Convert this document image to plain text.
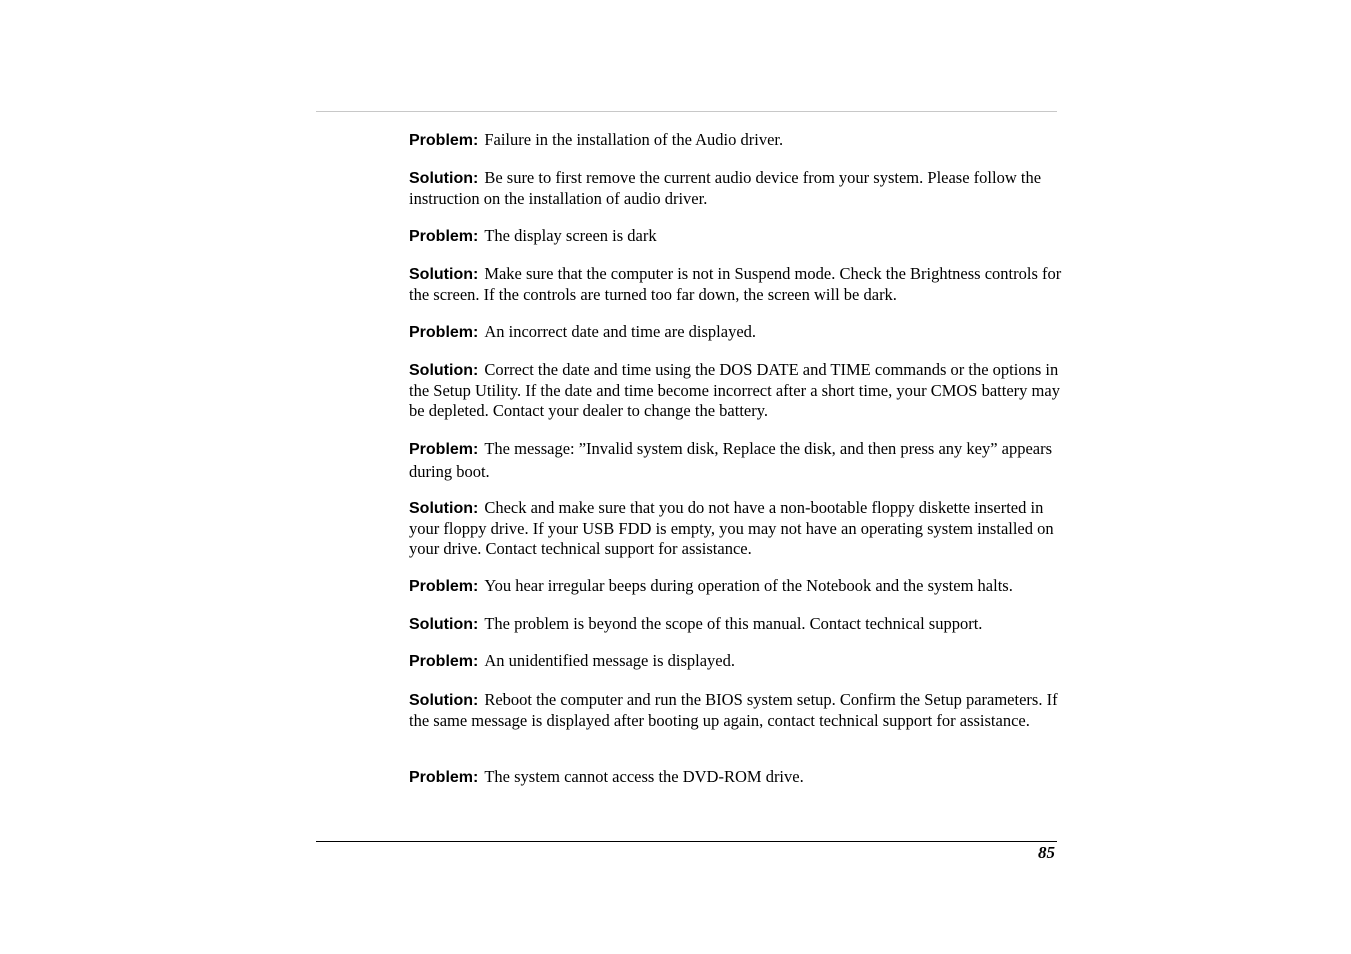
Problem: Failure in the installation of the Audio driver.

Solution: Be sure to first remove the current audio device from your system. Please follow the instruction on the installation of audio driver.

Problem: The display screen is dark

Solution: Make sure that the computer is not in Suspend mode. Check the Brightness controls for the screen. If the controls are turned too far down, the screen will be dark.

Problem: An incorrect date and time are displayed.

Solution: Correct the date and time using the DOS DATE and TIME commands or the options in the Setup Utility. If the date and time become incorrect after a short time, your CMOS battery may be depleted. Contact your dealer to change the battery.

Problem: The message: ”Invalid system disk, Replace the disk, and then press any key” appears during boot.

Solution: Check and make sure that you do not have a non-bootable floppy diskette inserted in your floppy drive. If your USB FDD is empty, you may not have an operating system installed on your drive. Contact technical support for assistance.

Problem: You hear irregular beeps during operation of the Notebook and the system halts.

Solution: The problem is beyond the scope of this manual. Contact technical support.

Problem: An unidentified message is displayed.

Solution: Reboot the computer and run the BIOS system setup. Confirm the Setup parameters. If the same message is displayed after booting up again, contact technical support for assistance.

Problem: The system cannot access the DVD-ROM drive.

85
